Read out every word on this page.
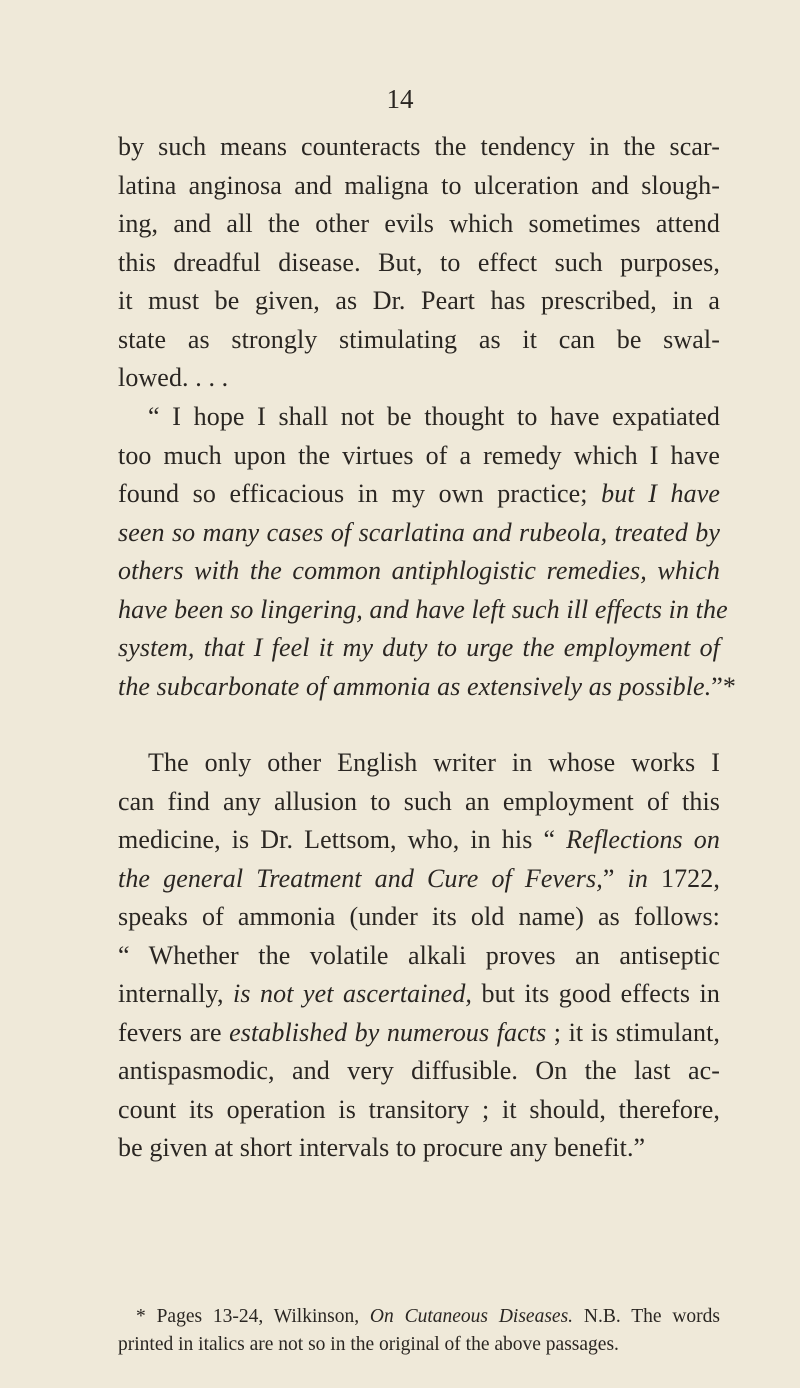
14

by such means counteracts the tendency in the scar-
latina anginosa and maligna to ulceration and slough-
ing, and all the other evils which sometimes attend
this dreadful disease. But, to effect such purposes,
it must be given, as Dr. Peart has prescribed, in a
state as strongly stimulating as it can be swal-
lowed. . . .

“ I hope I shall not be thought to have expatiated
too much upon the virtues of a remedy which I have
found so efficacious in my own practice; but I have
seen so many cases of scarlatina and rubeola, treated by
others with the common antiphlogistic remedies, which
have been so lingering, and have left such ill effects in the
system, that I feel it my duty to urge the employment of
the subcarbonate of ammonia as extensively as possible.”*

The only other English writer in whose works I
can find any allusion to such an employment of this
medicine, is Dr. Lettsom, who, in his “ Reflections on
the general Treatment and Cure of Fevers,” in 1722,
speaks of ammonia (under its old name) as follows:
“ Whether the volatile alkali proves an antiseptic
internally, is not yet ascertained, but its good effects in
fevers are established by numerous facts ; it is stimulant,
antispasmodic, and very diffusible. On the last ac-
count its operation is transitory ; it should, therefore,
be given at short intervals to procure any benefit.”

* Pages 13-24, Wilkinson, On Cutaneous Diseases. N.B. The words
printed in italics are not so in the original of the above passages.
